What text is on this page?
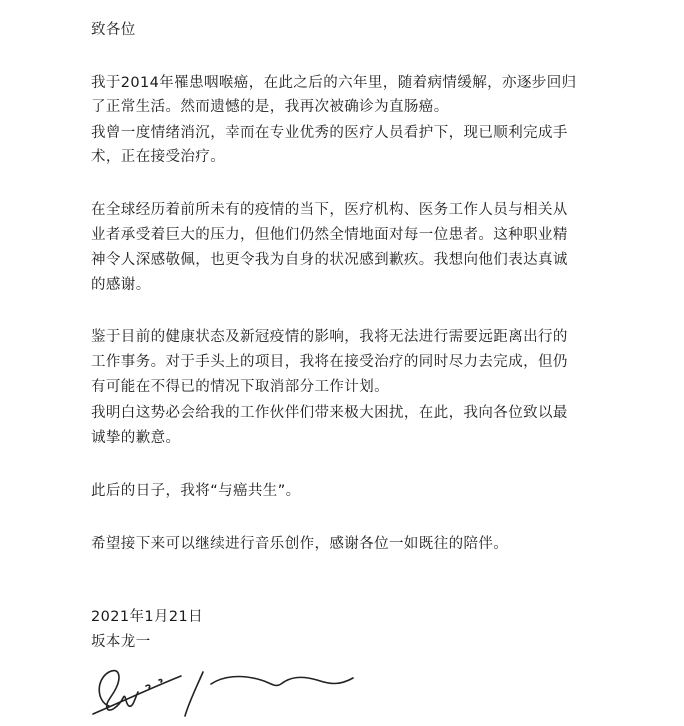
致各位

我于2014年罹患咽喉癌，在此之后的六年里，随着病情缓解，亦逐步回归

了正常生活。然而遗憾的是，我再次被确诊为直肠癌。

我曾一度情绪消沉，幸而在专业优秀的医疗人员看护下，现已顺利完成手

术，正在接受治疗。

在全球经历着前所未有的疫情的当下，医疗机构、医务工作人员与相关从

业者承受着巨大的压力，但他们仍然全情地面对每一位患者。这种职业精

神令人深感敬佩，也更令我为自身的状况感到歉疚。我想向他们表达真诚

的感谢。

鉴于目前的健康状态及新冠疫情的影响，我将无法进行需要远距离出行的

工作事务。对于手头上的项目，我将在接受治疗的同时尽力去完成，但仍

有可能在不得已的情况下取消部分工作计划。

我明白这势必会给我的工作伙伴们带来极大困扰，在此，我向各位致以最

诚挚的歉意。

此后的日子，我将“与癌共生”。

希望接下来可以继续进行音乐创作，感谢各位一如既往的陪伴。

2021年1月21日

坂本龙一
